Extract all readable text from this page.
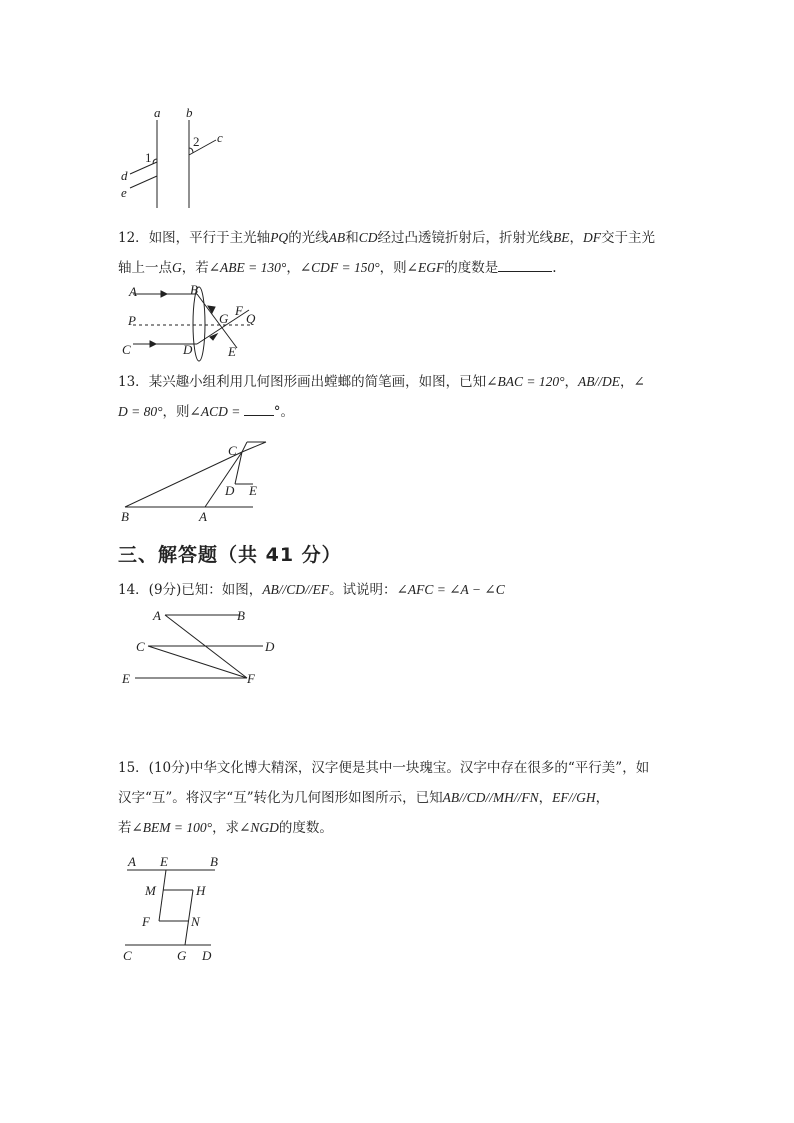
a b
c
d
e
1
2
12．如图，平行于主光轴PQ的光线AB和CD经过凸透镜折射后，折射光线BE，DF交于主光
轴上一点G，若∠ABE = 130°，∠CDF = 150°，则∠EGF的度数是	.
A	B
P
C	D
G
F
Q
E
13．某兴趣小组利用几何图形画出螳螂的简笔画，如图，已知∠BAC = 120°，AB//DE，∠
D = 80°，则∠ACD = °。
C
D E
B	A
三、解答题（共 41 分）
14．(9分)已知：如图，AB//CD//EF。试说明：∠AFC = ∠A − ∠C
A	B
C	D
E	F
15．(10分)中华文化博大精深，汉字便是其中一块瑰宝。汉字中存在很多的“平行美”，如
汉字“互”。将汉字“互”转化为几何图形如图所示，已知AB//CD//MH//FN，EF//GH，
若∠BEM = 100°，求∠NGD的度数。
A E	B
M	H
F	N
C	G D
